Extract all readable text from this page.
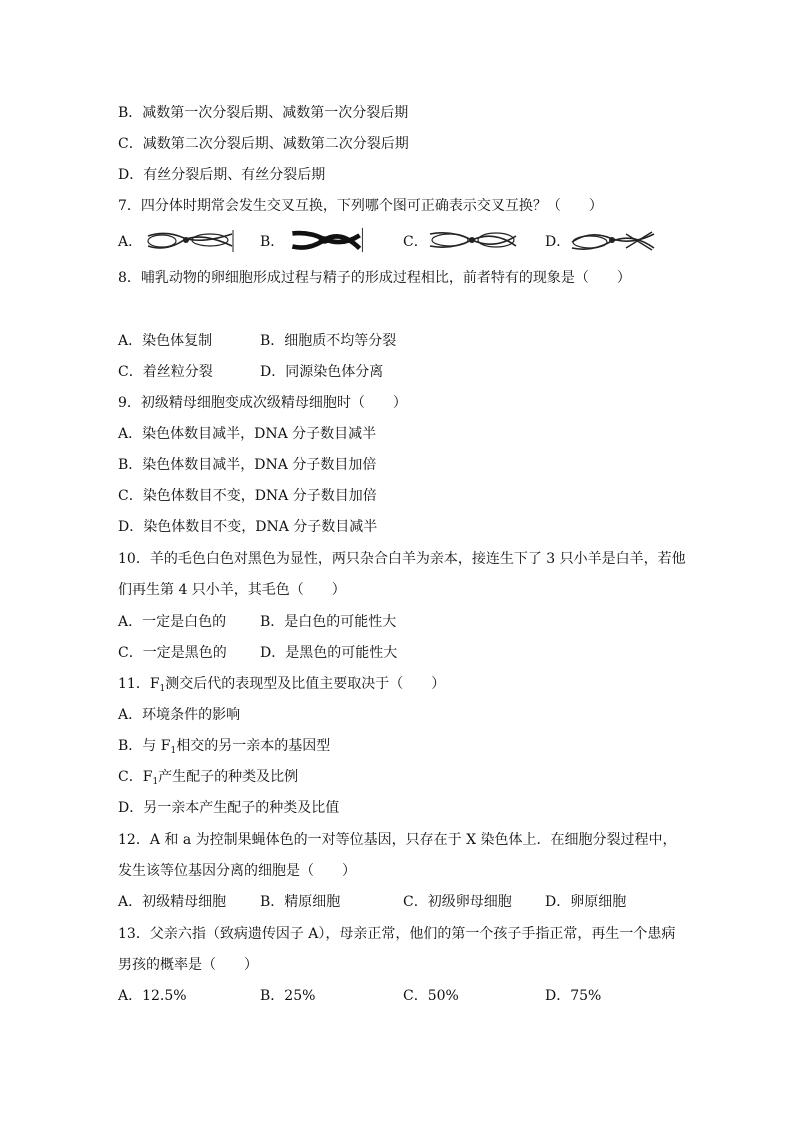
B．减数第一次分裂后期、减数第一次分裂后期
C．减数第二次分裂后期、减数第二次分裂后期
D．有丝分裂后期、有丝分裂后期
7．四分体时期常会发生交叉互换，下列哪个图可正确表示交叉互换？（　　）
A．	B．	C．	D．
8．哺乳动物的卵细胞形成过程与精子的形成过程相比，前者特有的现象是（　　）
A．染色体复制	B．细胞质不均等分裂
C．着丝粒分裂	D．同源染色体分离
9．初级精母细胞变成次级精母细胞时（　　）
A．染色体数目减半，DNA 分子数目减半
B．染色体数目减半，DNA 分子数目加倍
C．染色体数目不变，DNA 分子数目加倍
D．染色体数目不变，DNA 分子数目减半
10．羊的毛色白色对黑色为显性，两只杂合白羊为亲本，接连生下了 3 只小羊是白羊，若他
们再生第 4 只小羊，其毛色（　　）
A．一定是白色的 B．是白色的可能性大
C．一定是黑色的 D．是黑色的可能性大
11．$F_1$测交后代的表现型及比值主要取决于（　　）
A．环境条件的影响
B．与 $F_1$相交的另一亲本的基因型
C．$F_1$产生配子的种类及比例
D．另一亲本产生配子的种类及比值
12．A 和 a 为控制果蝇体色的一对等位基因，只存在于 X 染色体上．在细胞分裂过程中，
发生该等位基因分离的细胞是（　　）
A．初级精母细胞 B．精原细胞	C．初级卵母细胞 D．卵原细胞
13．父亲六指（致病遗传因子 A），母亲正常，他们的第一个孩子手指正常，再生一个患病
男孩的概率是（　　）
A．12.5%	B．25%	C．50%	D．75%
